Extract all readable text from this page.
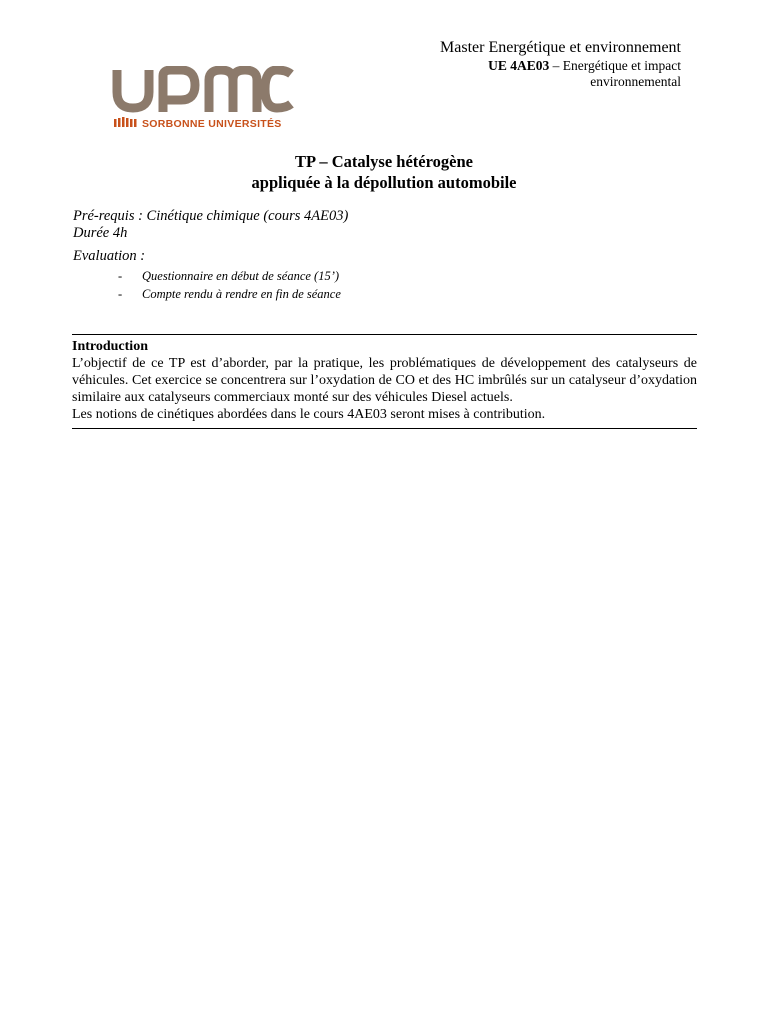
Master Energétique et environnement
UE 4AE03 – Energétique et impact
environnemental
SORBONNE UNIVERSITÉS
TP – Catalyse hétérogène
appliquée à la dépollution automobile
Pré-requis : Cinétique chimique (cours 4AE03)
Durée 4h
Evaluation :
- Questionnaire en début de séance (15’)
- Compte rendu à rendre en fin de séance
Introduction

L’objectif de ce TP est d’aborder, par la pratique, les problématiques de développement des catalyseurs de véhicules. Cet exercice se concentrera sur l’oxydation de CO et des HC imbrûlés sur un catalyseur d’oxydation similaire aux catalyseurs commerciaux monté sur des véhicules Diesel actuels.

Les notions de cinétiques abordées dans le cours 4AE03 seront mises à contribution.
